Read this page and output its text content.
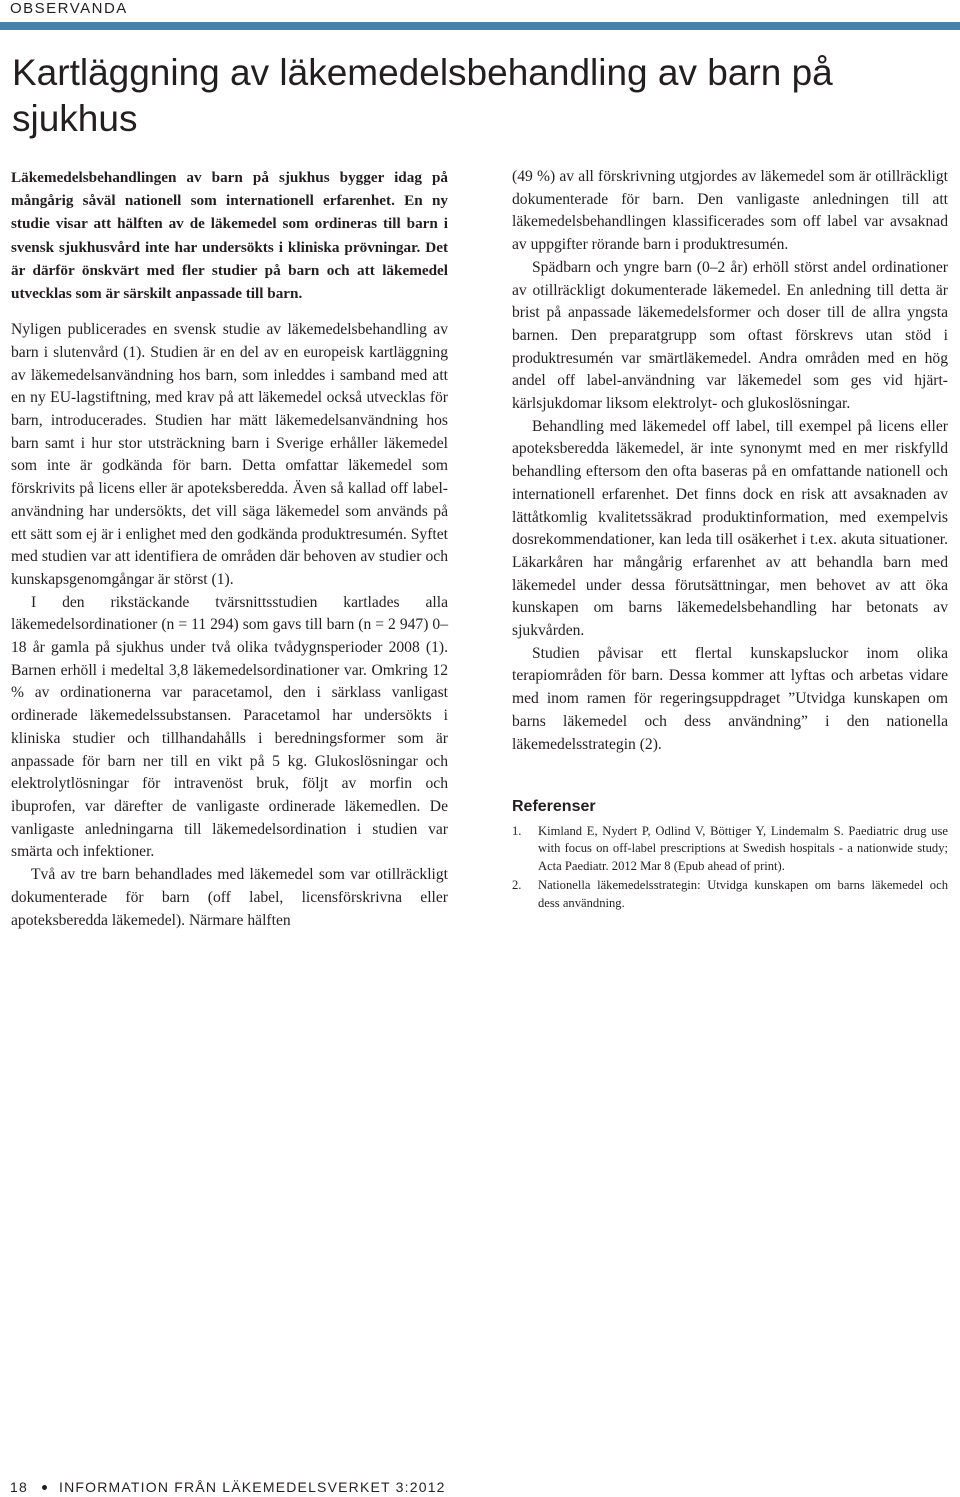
OBSERVANDA
Kartläggning av läkemedelsbehandling av barn på sjukhus

Läkemedelsbehandlingen av barn på sjukhus bygger idag på mångårig såväl nationell som internationell erfarenhet. En ny studie visar att hälften av de läkemedel som ordineras till barn i svensk sjukhusvård inte har undersökts i kliniska prövningar. Det är därför önskvärt med fler studier på barn och att läkemedel utvecklas som är särskilt anpassade till barn.

Nyligen publicerades en svensk studie av läkemedelsbehandling av barn i slutenvård (1). Studien är en del av en europeisk kartläggning av läkemedelsanvändning hos barn, som inleddes i samband med att en ny EU-lagstiftning, med krav på att läkemedel också utvecklas för barn, introducerades. Studien har mätt läkemedelsanvändning hos barn samt i hur stor utsträckning barn i Sverige erhåller läkemedel som inte är godkända för barn. Detta omfattar läkemedel som förskrivits på licens eller är apoteksberedda. Även så kallad off label-användning har undersökts, det vill säga läkemedel som används på ett sätt som ej är i enlighet med den godkända produktresumén. Syftet med studien var att identifiera de områden där behoven av studier och kunskapsgenomgångar är störst (1).

I den rikstäckande tvärsnittsstudien kartlades alla läkemedelsordinationer (n = 11 294) som gavs till barn (n = 2 947) 0–18 år gamla på sjukhus under två olika tvådygnsperioder 2008 (1). Barnen erhöll i medeltal 3,8 läkemedelsordinationer var. Omkring 12 % av ordinationerna var paracetamol, den i särklass vanligast ordinerade läkemedelssubstansen. Paracetamol har undersökts i kliniska studier och tillhandahålls i beredningsformer som är anpassade för barn ner till en vikt på 5 kg. Glukoslösningar och elektrolytlösningar för intravenöst bruk, följt av morfin och ibuprofen, var därefter de vanligaste ordinerade läkemedlen. De vanligaste anledningarna till läkemedelsordination i studien var smärta och infektioner.

Två av tre barn behandlades med läkemedel som var otillräckligt dokumenterade för barn (off label, licensförskrivna eller apoteksberedda läkemedel). Närmare hälften

(49 %) av all förskrivning utgjordes av läkemedel som är otillräckligt dokumenterade för barn. Den vanligaste anledningen till att läkemedelsbehandlingen klassificerades som off label var avsaknad av uppgifter rörande barn i produktresumén.

Spädbarn och yngre barn (0–2 år) erhöll störst andel ordinationer av otillräckligt dokumenterade läkemedel. En anledning till detta är brist på anpassade läkemedelsformer och doser till de allra yngsta barnen. Den preparatgrupp som oftast förskrevs utan stöd i produktresumén var smärtläkemedel. Andra områden med en hög andel off label-användning var läkemedel som ges vid hjärt-kärlsjukdomar liksom elektrolyt- och glukoslösningar.

Behandling med läkemedel off label, till exempel på licens eller apoteksberedda läkemedel, är inte synonymt med en mer riskfylld behandling eftersom den ofta baseras på en omfattande nationell och internationell erfarenhet. Det finns dock en risk att avsaknaden av lättåtkomlig kvalitetssäkrad produktinformation, med exempelvis dosrekommendationer, kan leda till osäkerhet i t.ex. akuta situationer. Läkarkåren har mångårig erfarenhet av att behandla barn med läkemedel under dessa förutsättningar, men behovet av att öka kunskapen om barns läkemedelsbehandling har betonats av sjukvården.

Studien påvisar ett flertal kunskapsluckor inom olika terapiområden för barn. Dessa kommer att lyftas och arbetas vidare med inom ramen för regeringsuppdraget ”Utvidga kunskapen om barns läkemedel och dess användning” i den nationella läkemedelsstrategin (2).

Referenser
1. Kimland E, Nydert P, Odlind V, Böttiger Y, Lindemalm S. Paediatric drug use with focus on off-label prescriptions at Swedish hospitals - a nationwide study; Acta Paediatr. 2012 Mar 8 (Epub ahead of print).
2. Nationella läkemedelsstrategin: Utvidga kunskapen om barns läkemedel och dess användning.
18 INFORMATION FRÅN LÄKEMEDELSVERKET 3:2012
